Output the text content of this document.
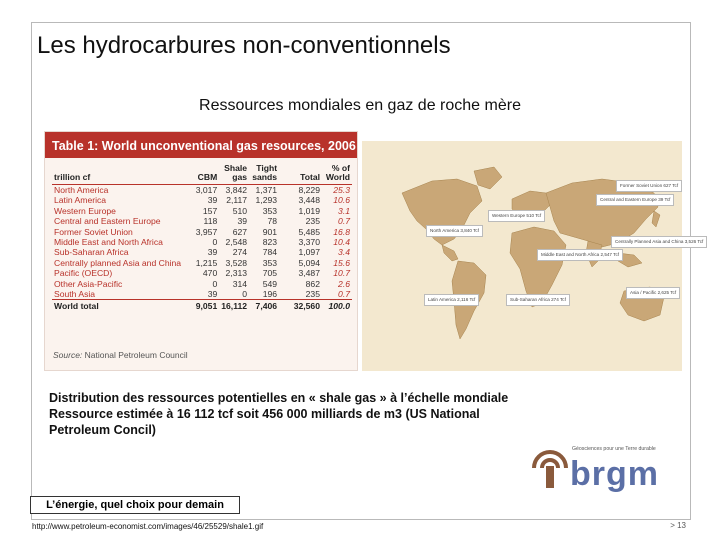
Les hydrocarbures non-conventionnels
Ressources mondiales en gaz de roche mère
Table 1: World unconventional gas resources, 2006
trillion cf	CBM	Shale gas	Tight sands	Total	% of World
North America	3,017	3,842	1,371	8,229	25.3
Latin America	39	2,117	1,293	3,448	10.6
Western Europe	157	510	353	1,019	3.1
Central and Eastern Europe	118	39	78	235	0.7
Former Soviet Union	3,957	627	901	5,485	16.8
Middle East and North Africa	0	2,548	823	3,370	10.4
Sub-Saharan Africa	39	274	784	1,097	3.4
Centrally planned Asia and China	1,215	3,528	353	5,094	15.6
Pacific (OECD)	470	2,313	705	3,487	10.7
Other Asia-Pacific	0	314	549	862	2.6
South Asia	39	0	196	235	0.7
World total	9,051	16,112	7,406	32,560	100.0
Source: National Petroleum Council
Former Soviet Union 627 Tcf
Central and Eastern Europe 39 Tcf
Western Europe 510 Tcf
North America 3,840 Tcf
Middle East and North Africa 2,547 Tcf
Centrally Planned Asia and China 3,526 Tcf
Latin America 2,116 Tcf	Sub-Saharan Africa 274 Tcf
Asia / Pacific 2,625 Tcf
Distribution des ressources potentielles en « shale gas » à l’échelle mondiale
Ressource estimée à 16 112 tcf soit 456 000 milliards de m3 (US National Petroleum Concil)
Géosciences pour une Terre durable
brgm
L’énergie, quel choix pour demain
http://www.petroleum-economist.com/images/46/25529/shale1.gif	> 13
